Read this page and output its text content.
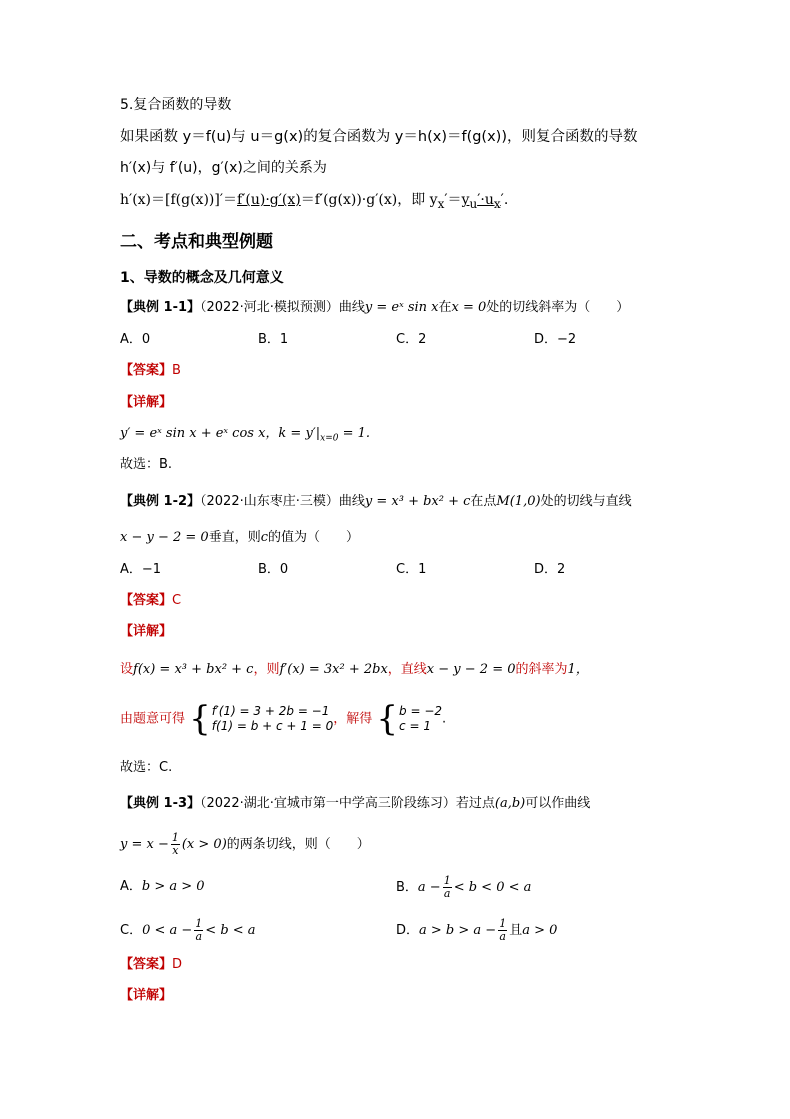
5.复合函数的导数
如果函数 y＝f(u)与 u＝g(x)的复合函数为 y＝h(x)＝f(g(x))，则复合函数的导数
h′(x)与 f′(u)，g′(x)之间的关系为
h′(x)＝[f(g(x))]′＝f′(u)·g′(x)＝f′(g(x))·g′(x)，即 $y_x'=y_u'\cdot u_x'$.
二、考点和典型例题
1、导数的概念及几何意义
【典例 1-1】（2022·河北·模拟预测）曲线y = eˣ sin x在x = 0处的切线斜率为（　　）
A．0	B．1	C．2	D．−2
【答案】B
【详解】
y′ = eˣ sin x + eˣ cos x，$k = y'|_{x=0} = 1$.
故选：B.
【典例 1-2】（2022·山东枣庄·三模）曲线y = x³ + bx² + c在点M(1,0)处的切线与直线
x − y − 2 = 0垂直，则c的值为（　　）
A．−1	B．0	C．1	D．2
【答案】C
【详解】
设f(x) = x³ + bx² + c，则f′(x) = 3x² + 2bx，直线x − y − 2 = 0的斜率为1，
由题意可得 { f′(1) = 3 + 2b = −1
f(1) = b + c + 1 = 0 ，解得 { b = −2
c = 1 .
故选：C.
【典例 1-3】（2022·湖北·宜城市第一中学高三阶段练习）若过点(a,b)可以作曲线
$y = x - \frac{1}{x} (x > 0)$的两条切线，则（　　）
A．b > a > 0	B．$a - \frac{1}{a} < b < 0 < a$
C．$0 < a - \frac{1}{a} < b < a$	D．$a > b > a - \frac{1}{a}$ 且a > 0
【答案】D
【详解】
